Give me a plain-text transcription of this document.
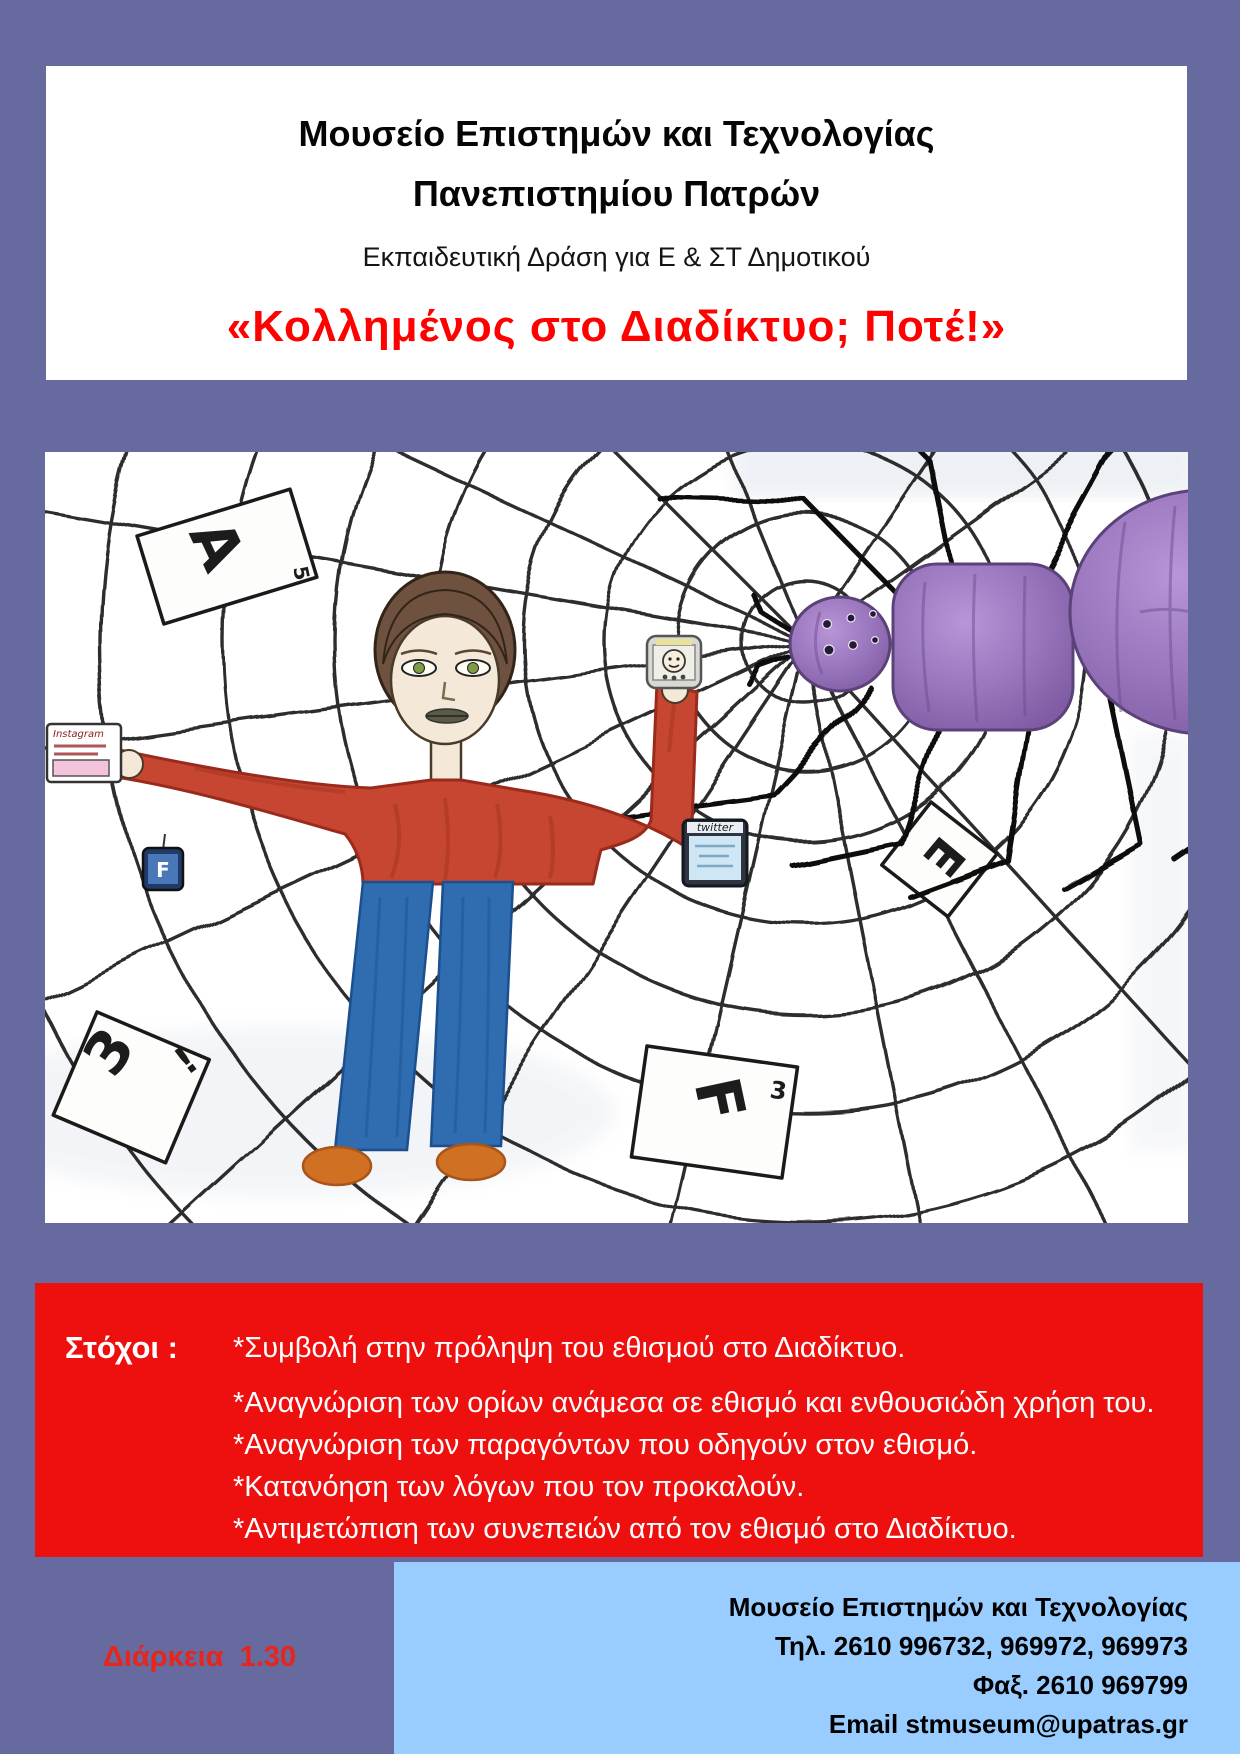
Μουσείο Επιστημών και Τεχνολογίας
Πανεπιστημίου Πατρών
Εκπαιδευτική Δράση για Ε & ΣΤ Δημοτικού
«Κολλημένος στο Διαδίκτυο; Ποτέ!»
A 5
3 !
F 3
E
Instagram
F
twitter
Στόχοι :	*Συμβολή στην πρόληψη του εθισμού στο Διαδίκτυο.
*Αναγνώριση των ορίων ανάμεσα σε εθισμό και ενθουσιώδη χρήση του.
*Αναγνώριση των παραγόντων που οδηγούν στον εθισμό.
*Κατανόηση των λόγων που τον προκαλούν.
*Αντιμετώπιση των συνεπειών από τον εθισμό στο Διαδίκτυο.
Διάρκεια  1.30
Μουσείο Επιστημών και Τεχνολογίας
Τηλ. 2610 996732, 969972, 969973
Φαξ. 2610 969799
Email stmuseum@upatras.gr
